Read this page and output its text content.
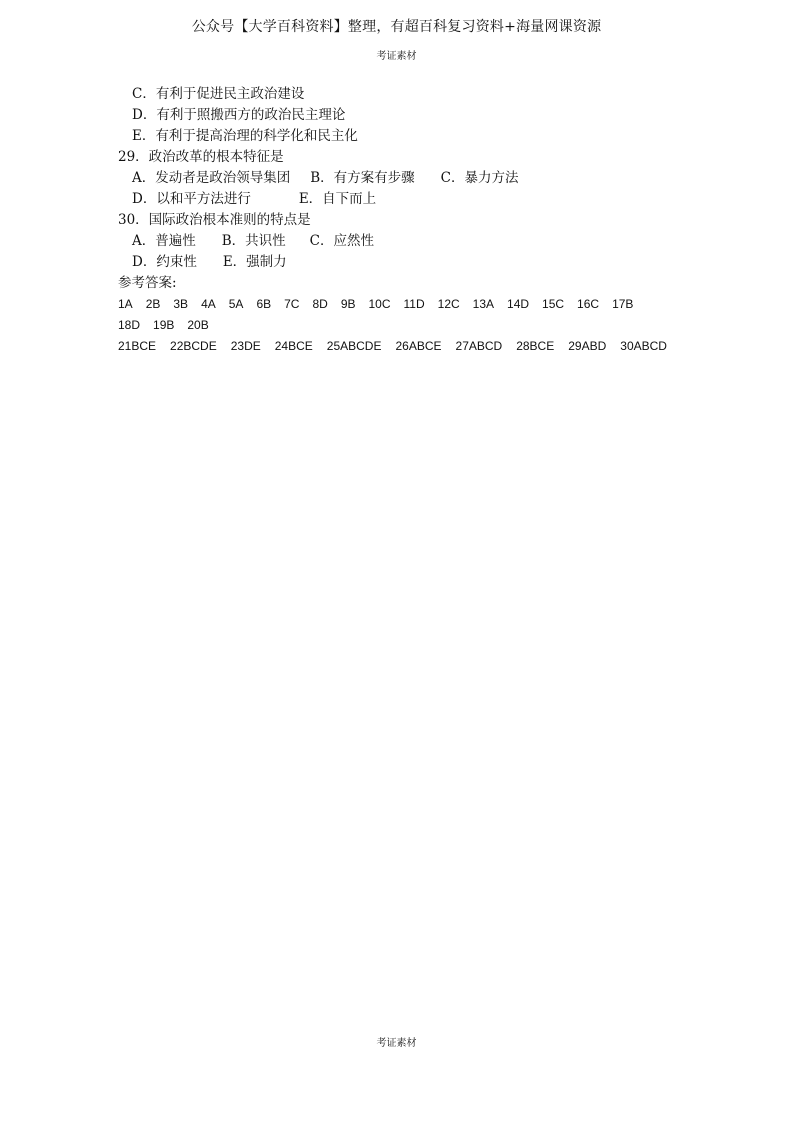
公众号【大学百科资料】整理，有超百科复习资料+海量网课资源
考证素材
C．有利于促进民主政治建设
D．有利于照搬西方的政治民主理论
E．有利于提高治理的科学化和民主化
29．政治改革的根本特征是
A．发动者是政治领导集团 B．有方案有步骤 C．暴力方法
D．以和平方法进行	E．自下而上
30．国际政治根本准则的特点是
A．普遍性 B．共识性 C．应然性
D．约束性 E．强制力
参考答案:
1A 2B 3B 4A 5A 6B 7C 8D 9B 10C 11D 12C 13A 14D 15C 16C 17B
18D 19B 20B
21BCE 22BCDE 23DE 24BCE 25ABCDE 26ABCE 27ABCD 28BCE 29ABD 30ABCD
考证素材
